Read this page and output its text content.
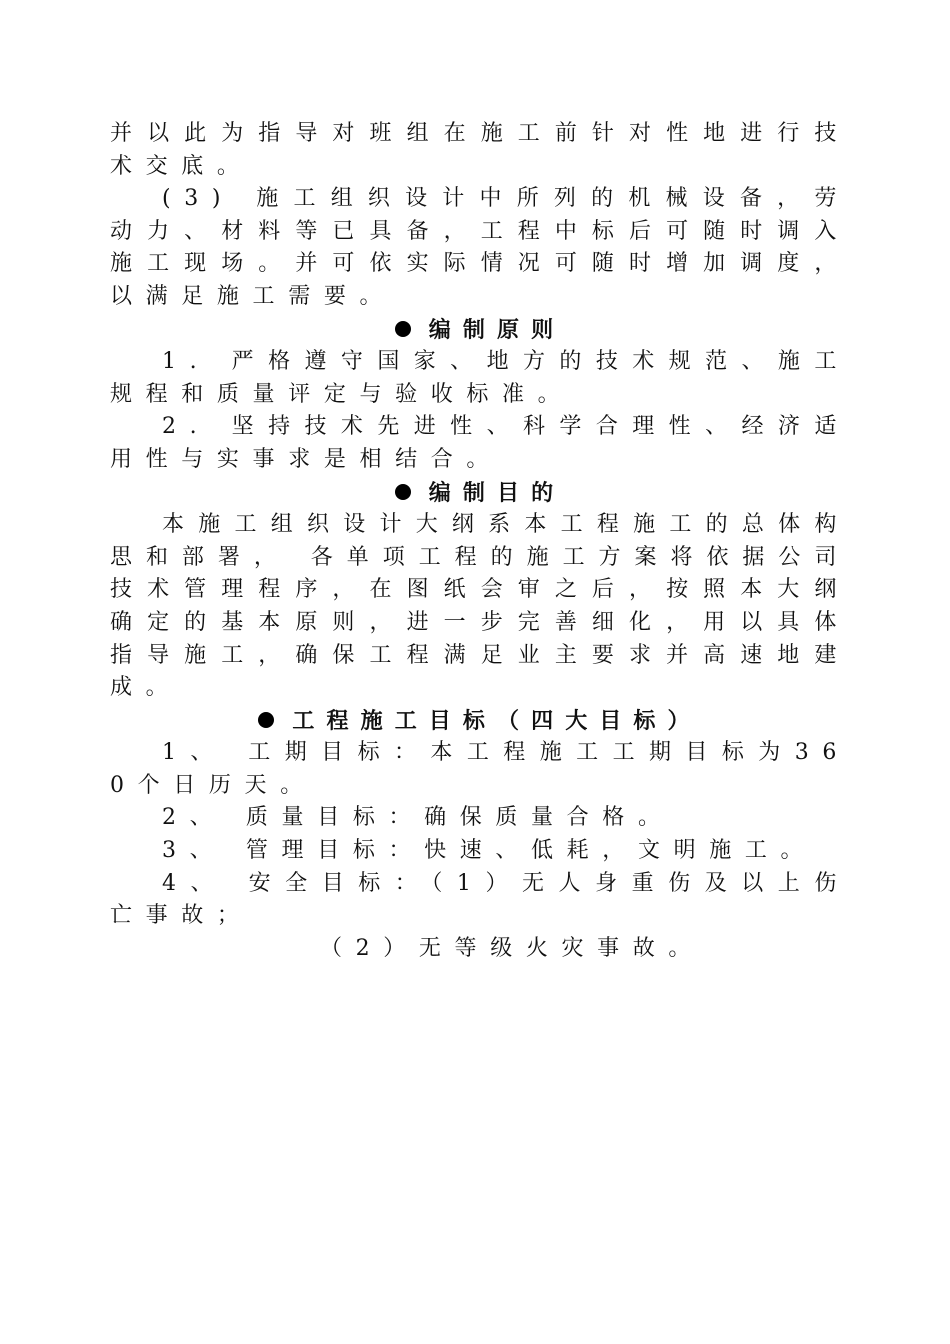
并以此为指导对班组在施工前针对性地进行技术交底。

(3) 施工组织设计中所列的机械设备，劳动力、材料等已具备，工程中标后可随时调入施工现场。并可依实际情况可随时增加调度，以满足施工需要。

编制原则

1. 严格遵守国家、地方的技术规范、施工规程和质量评定与验收标准。

2. 坚持技术先进性、科学合理性、经济适用性与实事求是相结合。

编制目的

本施工组织设计大纲系本工程施工的总体构思和部署， 各单项工程的施工方案将依据公司技术管理程序，在图纸会审之后，按照本大纲确定的基本原则，进一步完善细化，用以具体指导施工，确保工程满足业主要求并高速地建成。

工程施工目标（四大目标）

1、 工期目标：本工程施工工期目标为360个日历天。

2、 质量目标：确保质量合格。

3、 管理目标：快速、低耗，文明施工。

4、 安全目标：（1）无人身重伤及以上伤亡事故；

（2）无等级火灾事故。
